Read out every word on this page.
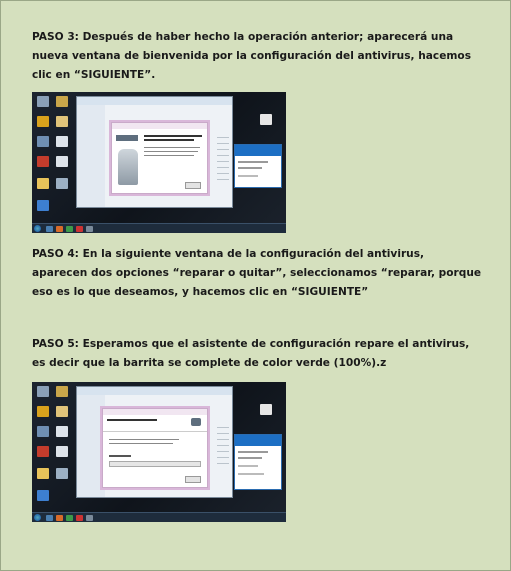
PASO 3: Después de haber hecho la operación anterior; aparecerá una nueva ventana de bienvenida por la configuración del antivirus, hacemos clic en “SIGUIENTE”.
PASO 4: En la siguiente ventana de la configuración del antivirus, aparecen dos opciones “reparar o quitar”, seleccionamos “reparar, porque eso es lo que deseamos, y hacemos clic en “SIGUIENTE”
PASO 5: Esperamos que el asistente de configuración repare el antivirus, es decir que la barrita se complete de color verde (100%).z
